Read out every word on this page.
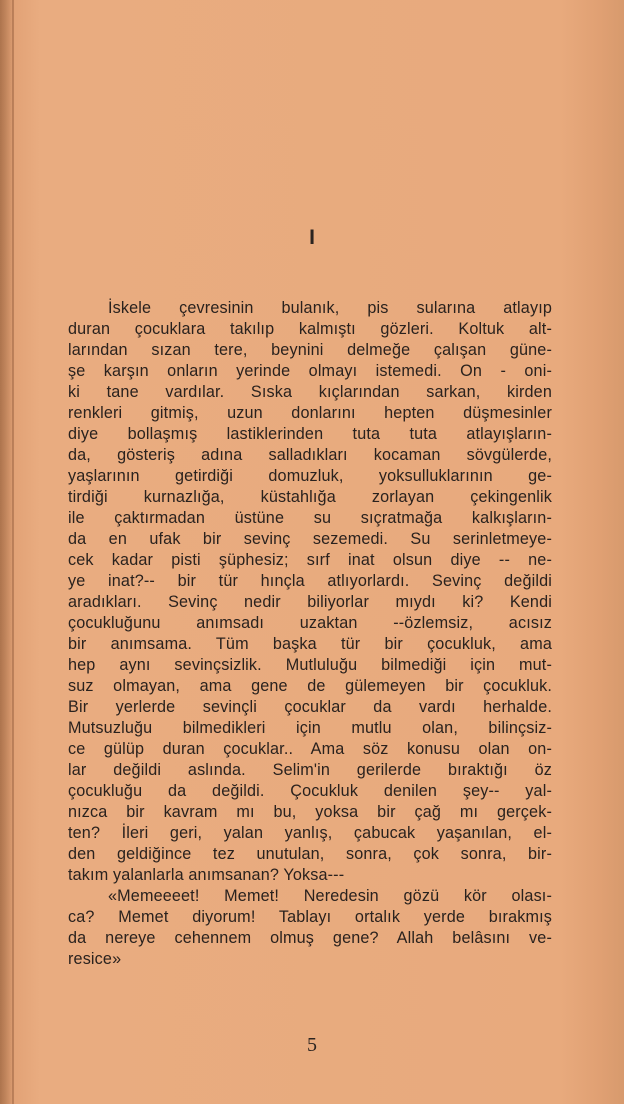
I
İskele çevresinin bulanık, pis sularına atlayıp
duran çocuklara takılıp kalmıştı gözleri. Koltuk alt-
larından sızan tere, beynini delmeğe çalışan güne-
şe karşın onların yerinde olmayı istemedi. On - oni-
ki tane vardılar. Sıska kıçlarından sarkan, kirden
renkleri gitmiş, uzun donlarını hepten düşmesinler
diye bollaşmış lastiklerinden tuta tuta atlayışların-
da, gösteriş adına salladıkları kocaman sövgülerde,
yaşlarının getirdiği domuzluk, yoksulluklarının ge-
tirdiği kurnazlığa, küstahlığa zorlayan çekingenlik
ile çaktırmadan üstüne su sıçratmağa kalkışların-
da en ufak bir sevinç sezemedi. Su serinletmeye-
cek kadar pisti şüphesiz; sırf inat olsun diye -- ne-
ye inat?-- bir tür hınçla atlıyorlardı. Sevinç değildi
aradıkları. Sevinç nedir biliyorlar mıydı ki? Kendi
çocukluğunu anımsadı uzaktan --özlemsiz, acısız
bir anımsama. Tüm başka tür bir çocukluk, ama
hep aynı sevinçsizlik. Mutluluğu bilmediği için mut-
suz olmayan, ama gene de gülemeyen bir çocukluk.
Bir yerlerde sevinçli çocuklar da vardı herhalde.
Mutsuzluğu bilmedikleri için mutlu olan, bilinçsiz-
ce gülüp duran çocuklar.. Ama söz konusu olan on-
lar değildi aslında. Selim'in gerilerde bıraktığı öz
çocukluğu da değildi. Çocukluk denilen şey-- yal-
nızca bir kavram mı bu, yoksa bir çağ mı gerçek-
ten? İleri geri, yalan yanlış, çabucak yaşanılan, el-
den geldiğince tez unutulan, sonra, çok sonra, bir-
takım yalanlarla anımsanan? Yoksa---
«Memeeeet! Memet! Neredesin gözü kör olası-
ca? Memet diyorum! Tablayı ortalık yerde bırakmış
da nereye cehennem olmuş gene? Allah belâsını ve-
resice»
5
